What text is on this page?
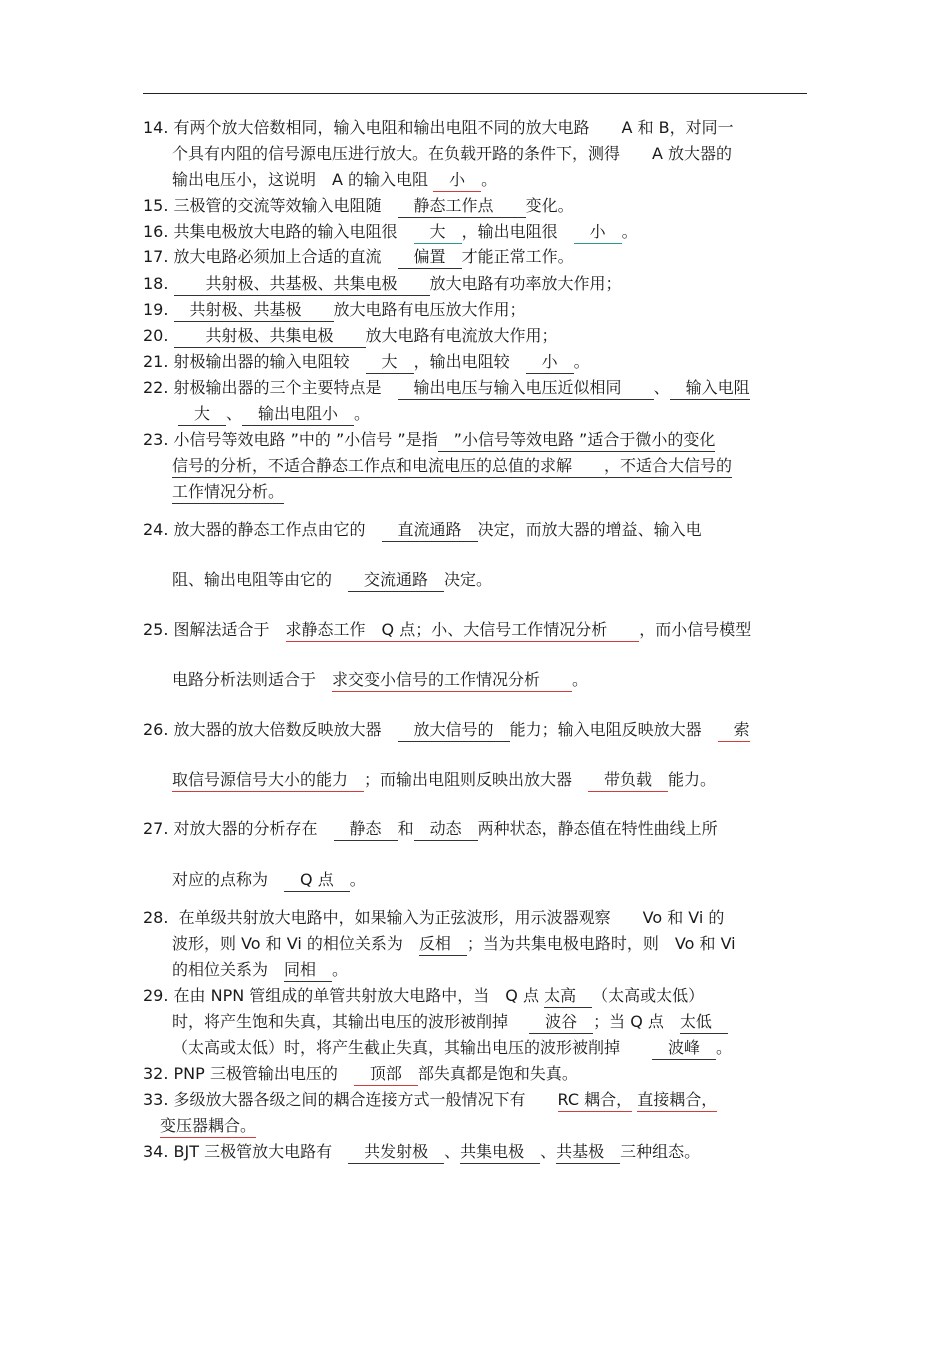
14. 有两个放大倍数相同，输入电阻和输出电阻不同的放大电路　　A 和 B，对同一
个具有内阻的信号源电压进行放大。在负载开路的条件下，测得　　A 放大器的
输出电压小，这说明　A 的输入电阻 　小　。
15. 三极管的交流等效输入电阻随　　静态工作点　　变化。
16. 共集电极放大电路的输入电阻很　　大　，输出电阻很　　小　。
17. 放大电路必须加上合适的直流　　偏置　才能正常工作。
18. 　　共射极、共基极、共集电极　　放大电路有功率放大作用；
19. 　共射极、共基极　　放大电路有电压放大作用；
20. 　　共射极、共集电极　　放大电路有电流放大作用；
21. 射极输出器的输入电阻较　　大　，输出电阻较　　小　。
22. 射极输出器的三个主要特点是　　输出电压与输入电压近似相同　　、　输入电阻
　大　、　输出电阻小　。
23. 小信号等效电路 ”中的 ”小信号 ”是指　”小信号等效电路 ”适合于微小的变化
信号的分析，不适合静态工作点和电流电压的总值的求解　　，不适合大信号的
工作情况分析。
24. 放大器的静态工作点由它的　　直流通路　决定，而放大器的增益、输入电
阻、输出电阻等由它的　　交流通路　决定。
25. 图解法适合于　求静态工作　Q 点；小、大信号工作情况分析　　，而小信号模型
电路分析法则适合于　求交变小信号的工作情况分析　　。
26. 放大器的放大倍数反映放大器　　放大信号的　能力；输入电阻反映放大器　　索
取信号源信号大小的能力　；而输出电阻则反映出放大器　　带负载　能力。
27. 对放大器的分析存在　　静态　和　动态　两种状态，静态值在特性曲线上所
对应的点称为　　Q 点　。
28.  在单级共射放大电路中，如果输入为正弦波形，用示波器观察　　Vo 和 Vi 的
波形，则 Vo 和 Vi 的相位关系为　反相　；当为共集电极电路时，则　Vo 和 Vi
的相位关系为　同相　。
29. 在由 NPN 管组成的单管共射放大电路中，当　Q 点 太高　（太高或太低）
时，将产生饱和失真，其输出电压的波形被削掉　 　波谷　；当 Q 点　太低　
（太高或太低）时，将产生截止失真，其输出电压的波形被削掉　　　波峰　。
32. PNP 三极管输出电压的　　顶部　部失真都是饱和失真。
33. 多级放大器各级之间的耦合连接方式一般情况下有　　RC 耦合， 直接耦合，
变压器耦合。
34. BJT 三极管放大电路有　　共发射极　、共集电极　、共基极　三种组态。
